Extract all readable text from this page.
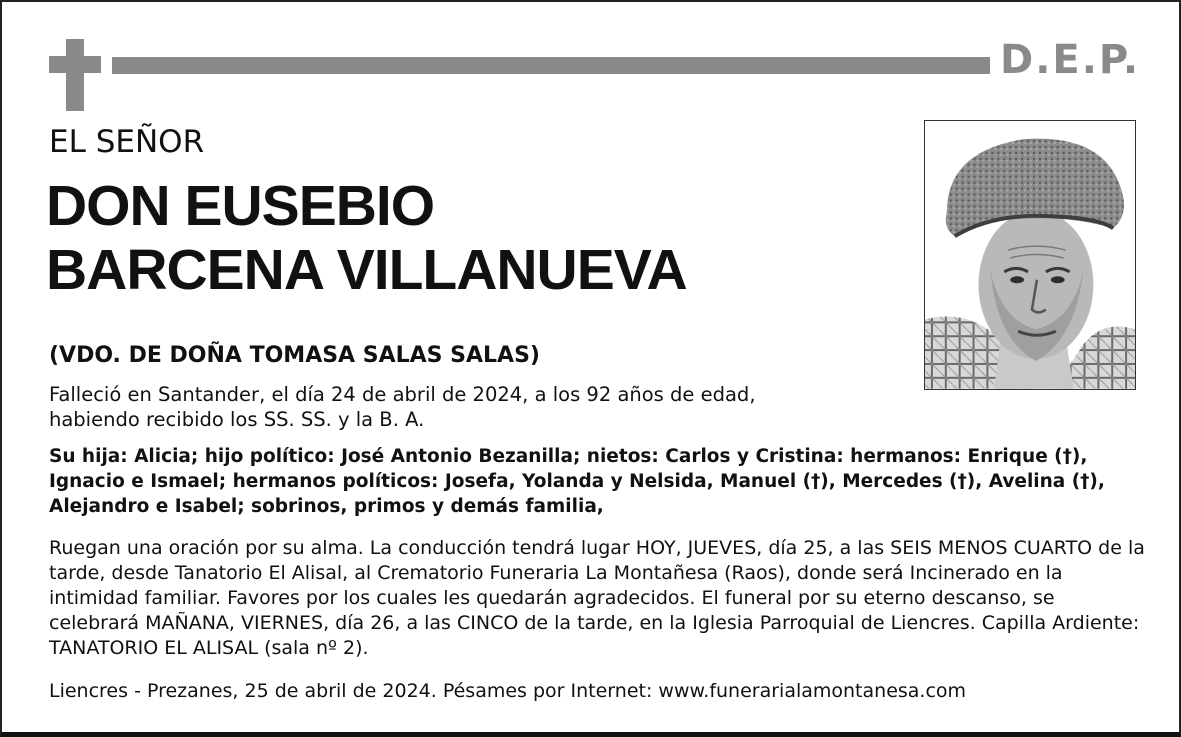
D.E.P.
EL SEÑOR
DON EUSEBIO
BARCENA VILLANUEVA
(VDO. DE DOÑA TOMASA SALAS SALAS)

Falleció en Santander, el día 24 de abril de 2024, a los 92 años de edad, habiendo recibido los SS. SS. y la B. A.

Su hija: Alicia; hijo político: José Antonio Bezanilla; nietos: Carlos y Cristina: hermanos: Enrique (†), Ignacio e Ismael; hermanos políticos: Josefa, Yolanda y Nelsida, Manuel (†), Mercedes (†), Avelina (†), Alejandro e Isabel; sobrinos, primos y demás familia,

Ruegan una oración por su alma. La conducción tendrá lugar HOY, JUEVES, día 25, a las SEIS MENOS CUARTO de la tarde, desde Tanatorio El Alisal, al Crematorio Funeraria La Montañesa (Raos), donde será Incinerado en la intimidad familiar. Favores por los cuales les quedarán agradecidos. El funeral por su eterno descanso, se celebrará MAÑANA, VIERNES, día 26, a las CINCO de la tarde, en la Iglesia Parroquial de Liencres. Capilla Ardiente: TANATORIO EL ALISAL (sala nº 2).

Liencres - Prezanes, 25 de abril de 2024. Pésames por Internet: www.funerarialamontanesa.com
